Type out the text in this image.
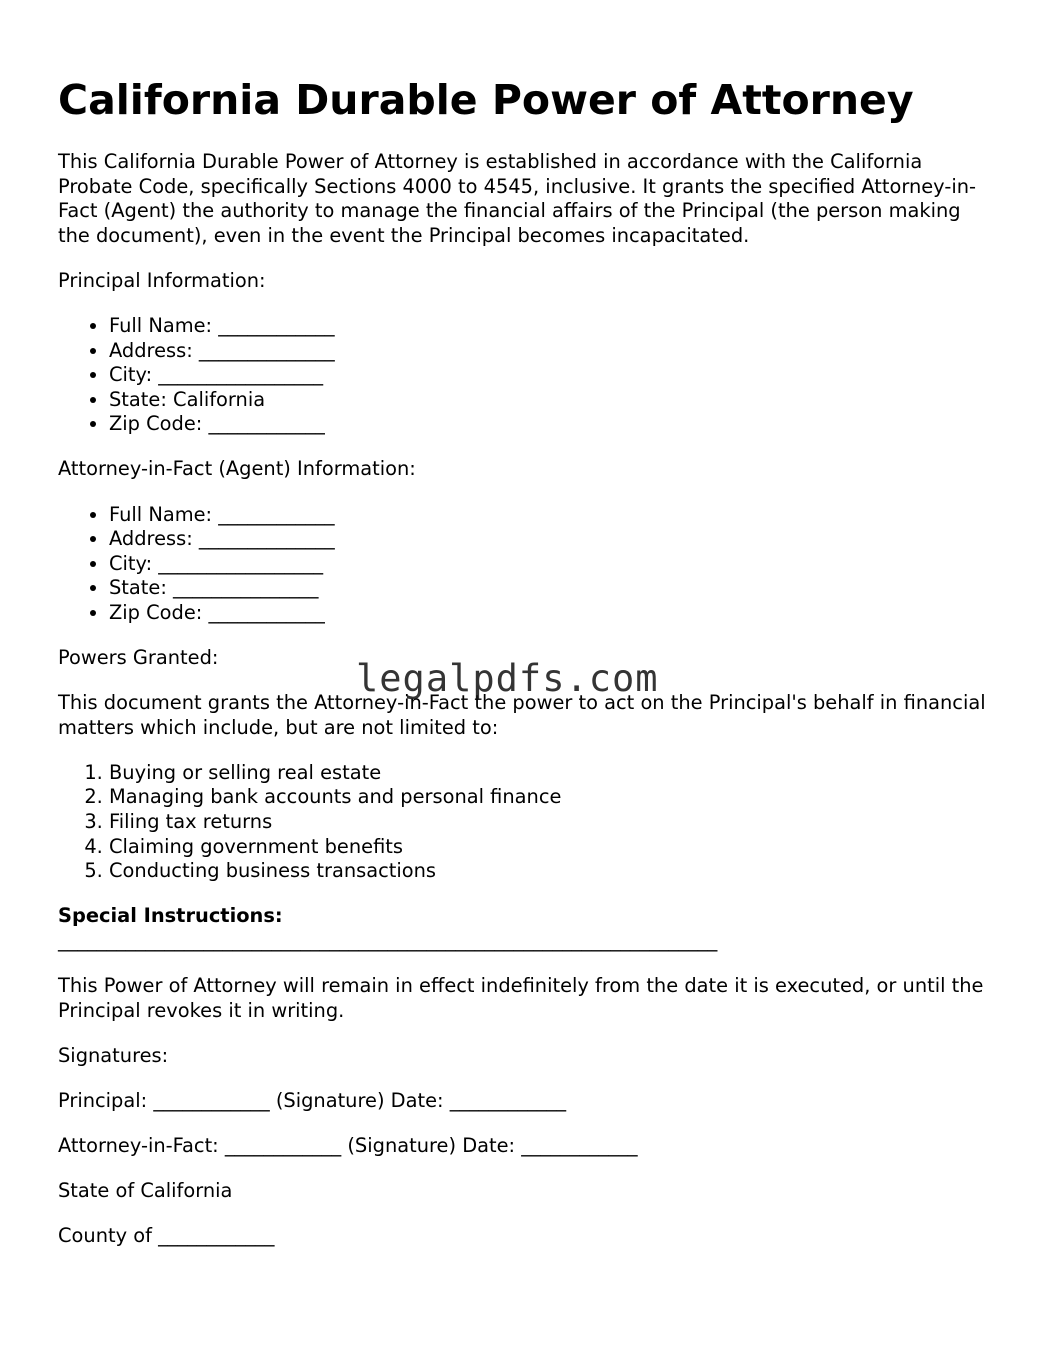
California Durable Power of Attorney

This California Durable Power of Attorney is established in accordance with the California Probate Code, specifically Sections 4000 to 4545, inclusive. It grants the specified Attorney-in-Fact (Agent) the authority to manage the financial affairs of the Principal (the person making the document), even in the event the Principal becomes incapacitated.

Principal Information:

• Full Name: ____________
• Address: ______________
• City: _________________
• State: California
• Zip Code: ____________

Attorney-in-Fact (Agent) Information:

• Full Name: ____________
• Address: ______________
• City: _________________
• State: _______________
• Zip Code: ____________

Powers Granted:

This document grants the Attorney-in-Fact the power to act on the Principal's behalf in financial matters which include, but are not limited to:

1. Buying or selling real estate
2. Managing bank accounts and personal finance
3. Filing tax returns
4. Claiming government benefits
5. Conducting business transactions

Special Instructions:
____________________________________________________________________

This Power of Attorney will remain in effect indefinitely from the date it is executed, or until the Principal revokes it in writing.

Signatures:

Principal: ____________ (Signature) Date: ____________

Attorney-in-Fact: ____________ (Signature) Date: ____________

State of California

County of ____________

legalpdfs.com
